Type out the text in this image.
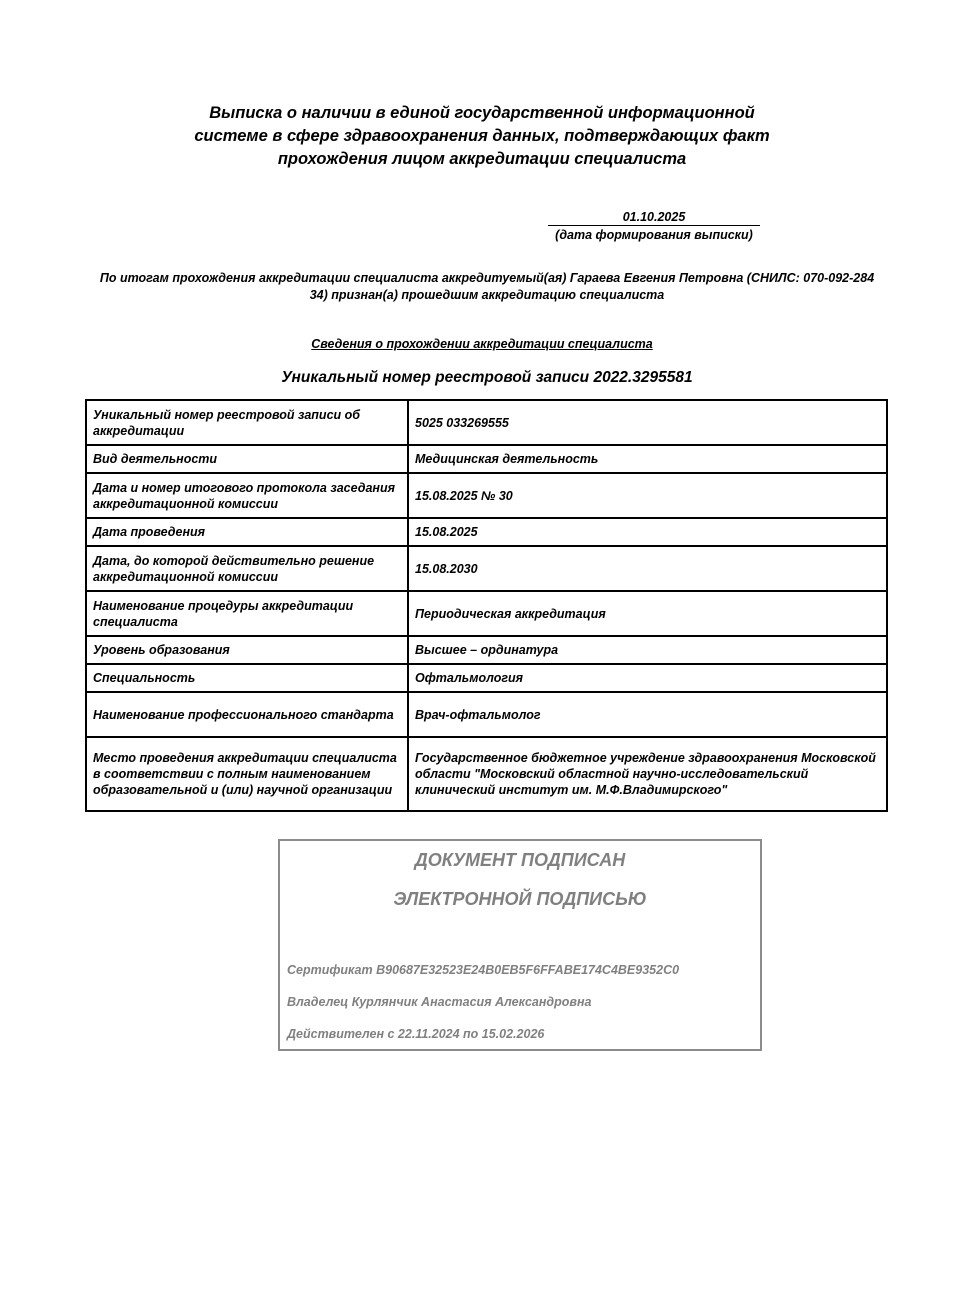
Выписка о наличии в единой государственной информационной
системе в сфере здравоохранения данных, подтверждающих факт
прохождения лицом аккредитации специалиста
01.10.2025
(дата формирования выписки)
По итогам прохождения аккредитации специалиста аккредитуемый(ая) Гараева Евгения Петровна (СНИЛС: 070-092-284 34) признан(а) прошедшим аккредитацию специалиста
Сведения о прохождении аккредитации специалиста
Уникальный номер реестровой записи 2022.3295581
Уникальный номер реестровой записи об аккредитации	5025 033269555
Вид деятельности	Медицинская деятельность
Дата и номер итогового протокола заседания аккредитационной комиссии	15.08.2025 № 30
Дата проведения	15.08.2025
Дата, до которой действительно решение аккредитационной комиссии	15.08.2030
Наименование процедуры аккредитации специалиста	Периодическая аккредитация
Уровень образования	Высшее – ординатура
Специальность	Офтальмология
Наименование профессионального стандарта	Врач-офтальмолог
Место проведения аккредитации специалиста в соответствии с полным наименованием образовательной и (или) научной организации	Государственное бюджетное учреждение здравоохранения Московской области "Московский областной научно-исследовательский клинический институт им. М.Ф.Владимирского"
ДОКУМЕНТ ПОДПИСАН
ЭЛЕКТРОННОЙ ПОДПИСЬЮ
Сертификат B90687E32523E24B0EB5F6FFABE174C4BE9352C0
Владелец Курлянчик Анастасия Александровна
Действителен с 22.11.2024 по 15.02.2026
